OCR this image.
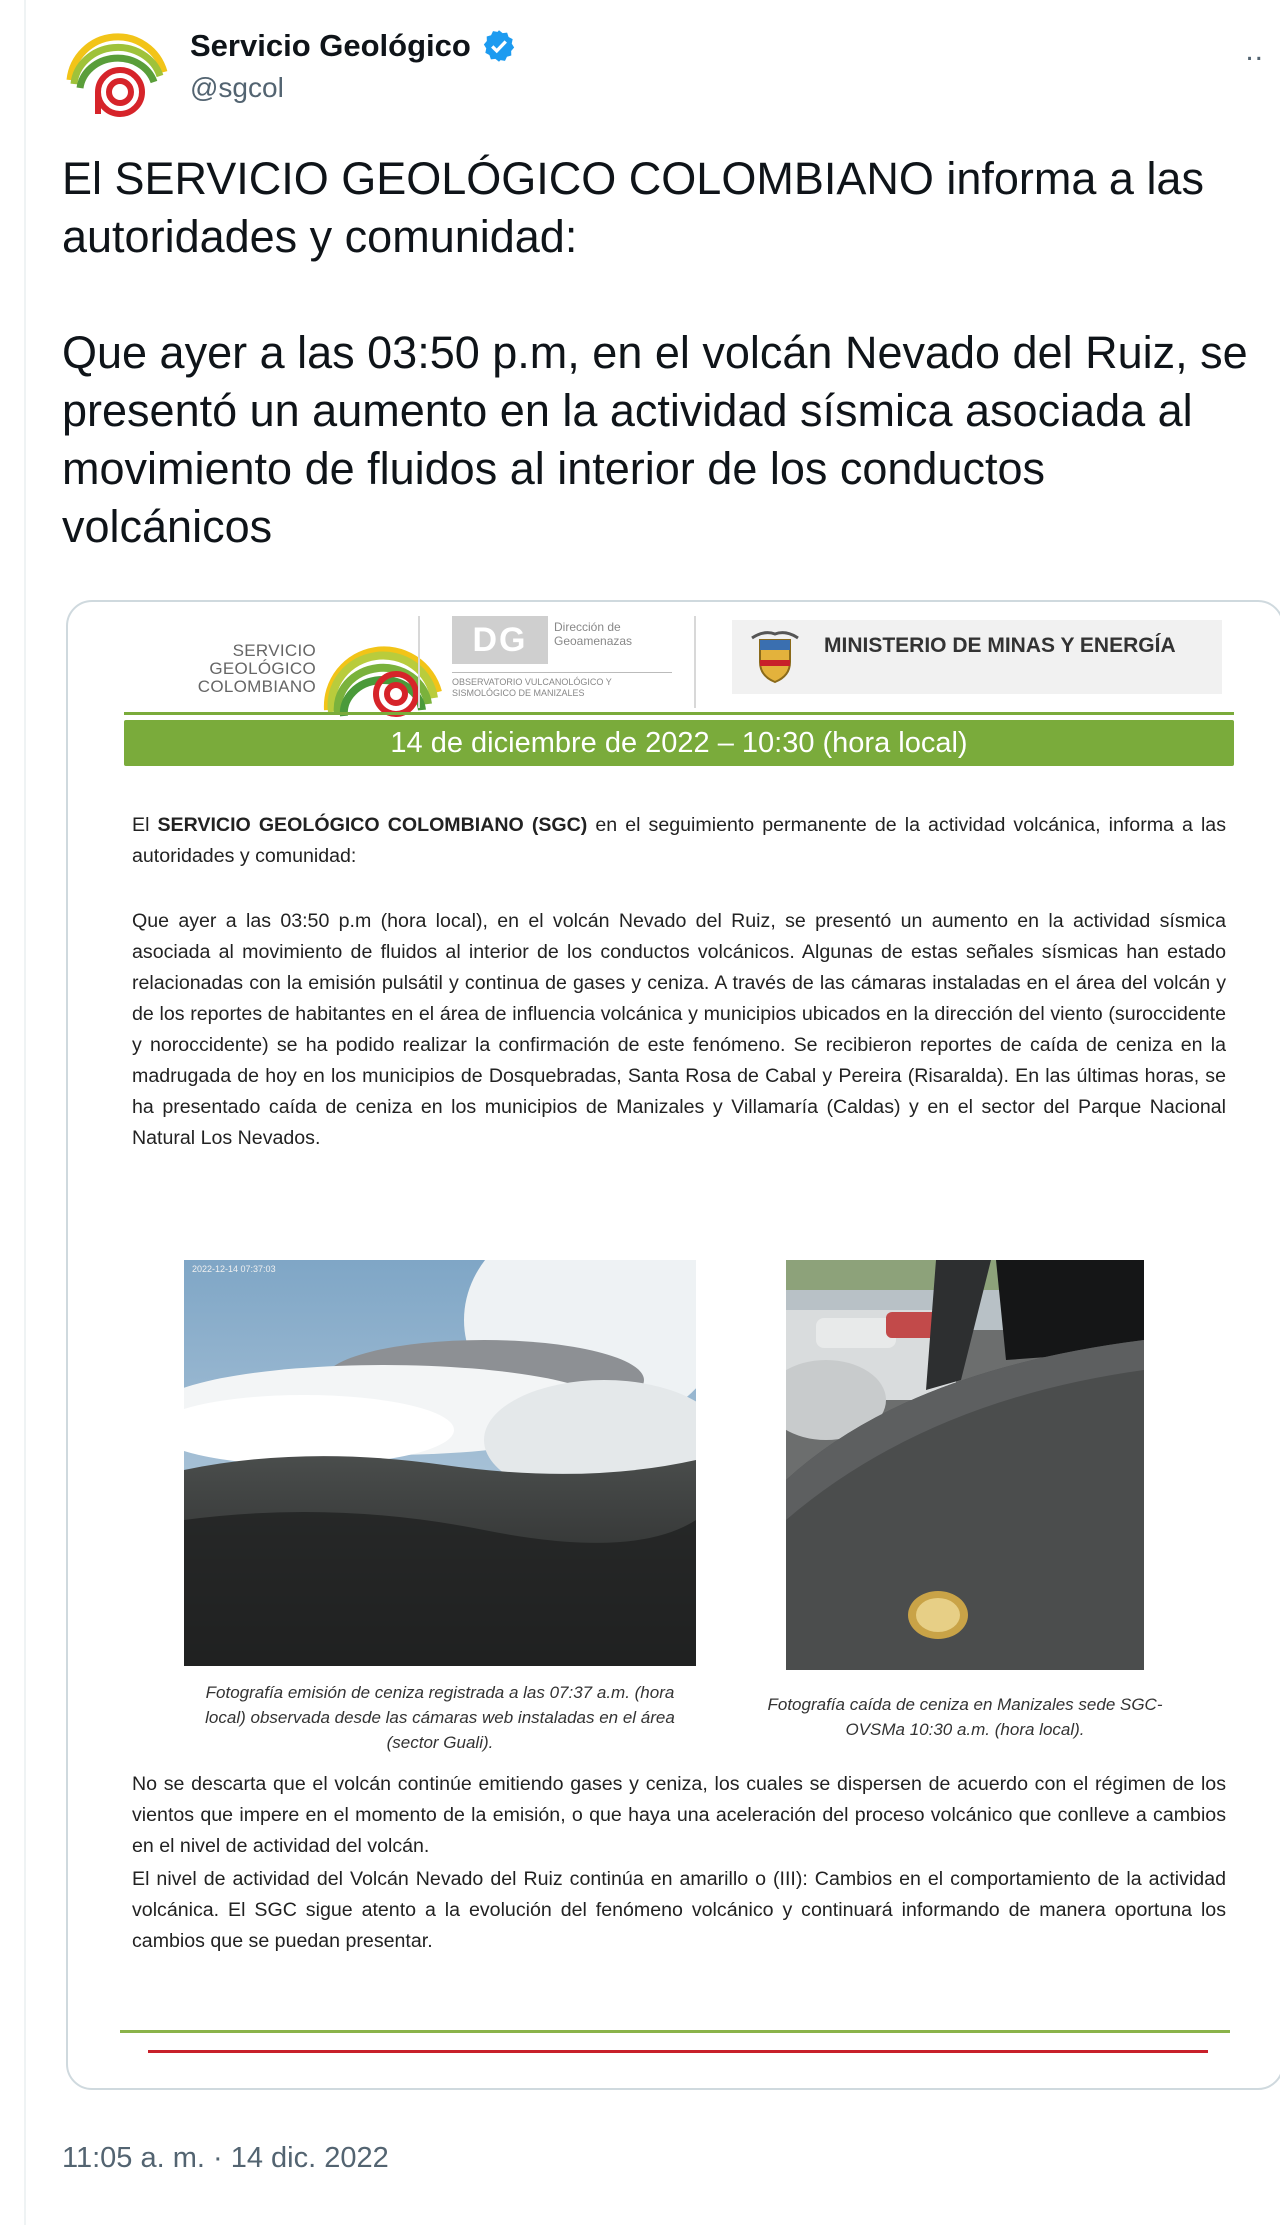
Servicio Geológico
@sgcol
..

El SERVICIO GEOLÓGICO COLOMBIANO informa a las autoridades y comunidad:

Que ayer a las 03:50 p.m, en el volcán Nevado del Ruiz, se presentó un aumento en la actividad sísmica asociada al movimiento de fluidos al interior de los conductos volcánicos

SERVICIO GEOLÓGICO COLOMBIANO
DG	Dirección de Geoamenazas
OBSERVATORIO VULCANOLÓGICO Y SISMOLÓGICO DE MANIZALES
MINISTERIO DE MINAS Y ENERGÍA
14 de diciembre de 2022 – 10:30 (hora local)
El SERVICIO GEOLÓGICO COLOMBIANO (SGC) en el seguimiento permanente de la actividad volcánica, informa a las autoridades y comunidad:
Que ayer a las 03:50 p.m (hora local), en el volcán Nevado del Ruiz, se presentó un aumento en la actividad sísmica asociada al movimiento de fluidos al interior de los conductos volcánicos. Algunas de estas señales sísmicas han estado relacionadas con la emisión pulsátil y continua de gases y ceniza. A través de las cámaras instaladas en el área del volcán y de los reportes de habitantes en el área de influencia volcánica y municipios ubicados en la dirección del viento (suroccidente y noroccidente) se ha podido realizar la confirmación de este fenómeno. Se recibieron reportes de caída de ceniza en la madrugada de hoy en los municipios de Dosquebradas, Santa Rosa de Cabal y Pereira (Risaralda). En las últimas horas, se ha presentado caída de ceniza en los municipios de Manizales y Villamaría (Caldas) y en el sector del Parque Nacional Natural Los Nevados.
2022-12-14 07:37:03
Fotografía emisión de ceniza registrada a las 07:37 a.m. (hora local) observada desde las cámaras web instaladas en el área (sector Guali).
Fotografía caída de ceniza en Manizales sede SGC-OVSMa 10:30 a.m. (hora local).
No se descarta que el volcán continúe emitiendo gases y ceniza, los cuales se dispersen de acuerdo con el régimen de los vientos que impere en el momento de la emisión, o que haya una aceleración del proceso volcánico que conlleve a cambios en el nivel de actividad del volcán.
El nivel de actividad del Volcán Nevado del Ruiz continúa en amarillo o (III): Cambios en el comportamiento de la actividad volcánica. El SGC sigue atento a la evolución del fenómeno volcánico y continuará informando de manera oportuna los cambios que se puedan presentar.
11:05 a. m. · 14 dic. 2022
